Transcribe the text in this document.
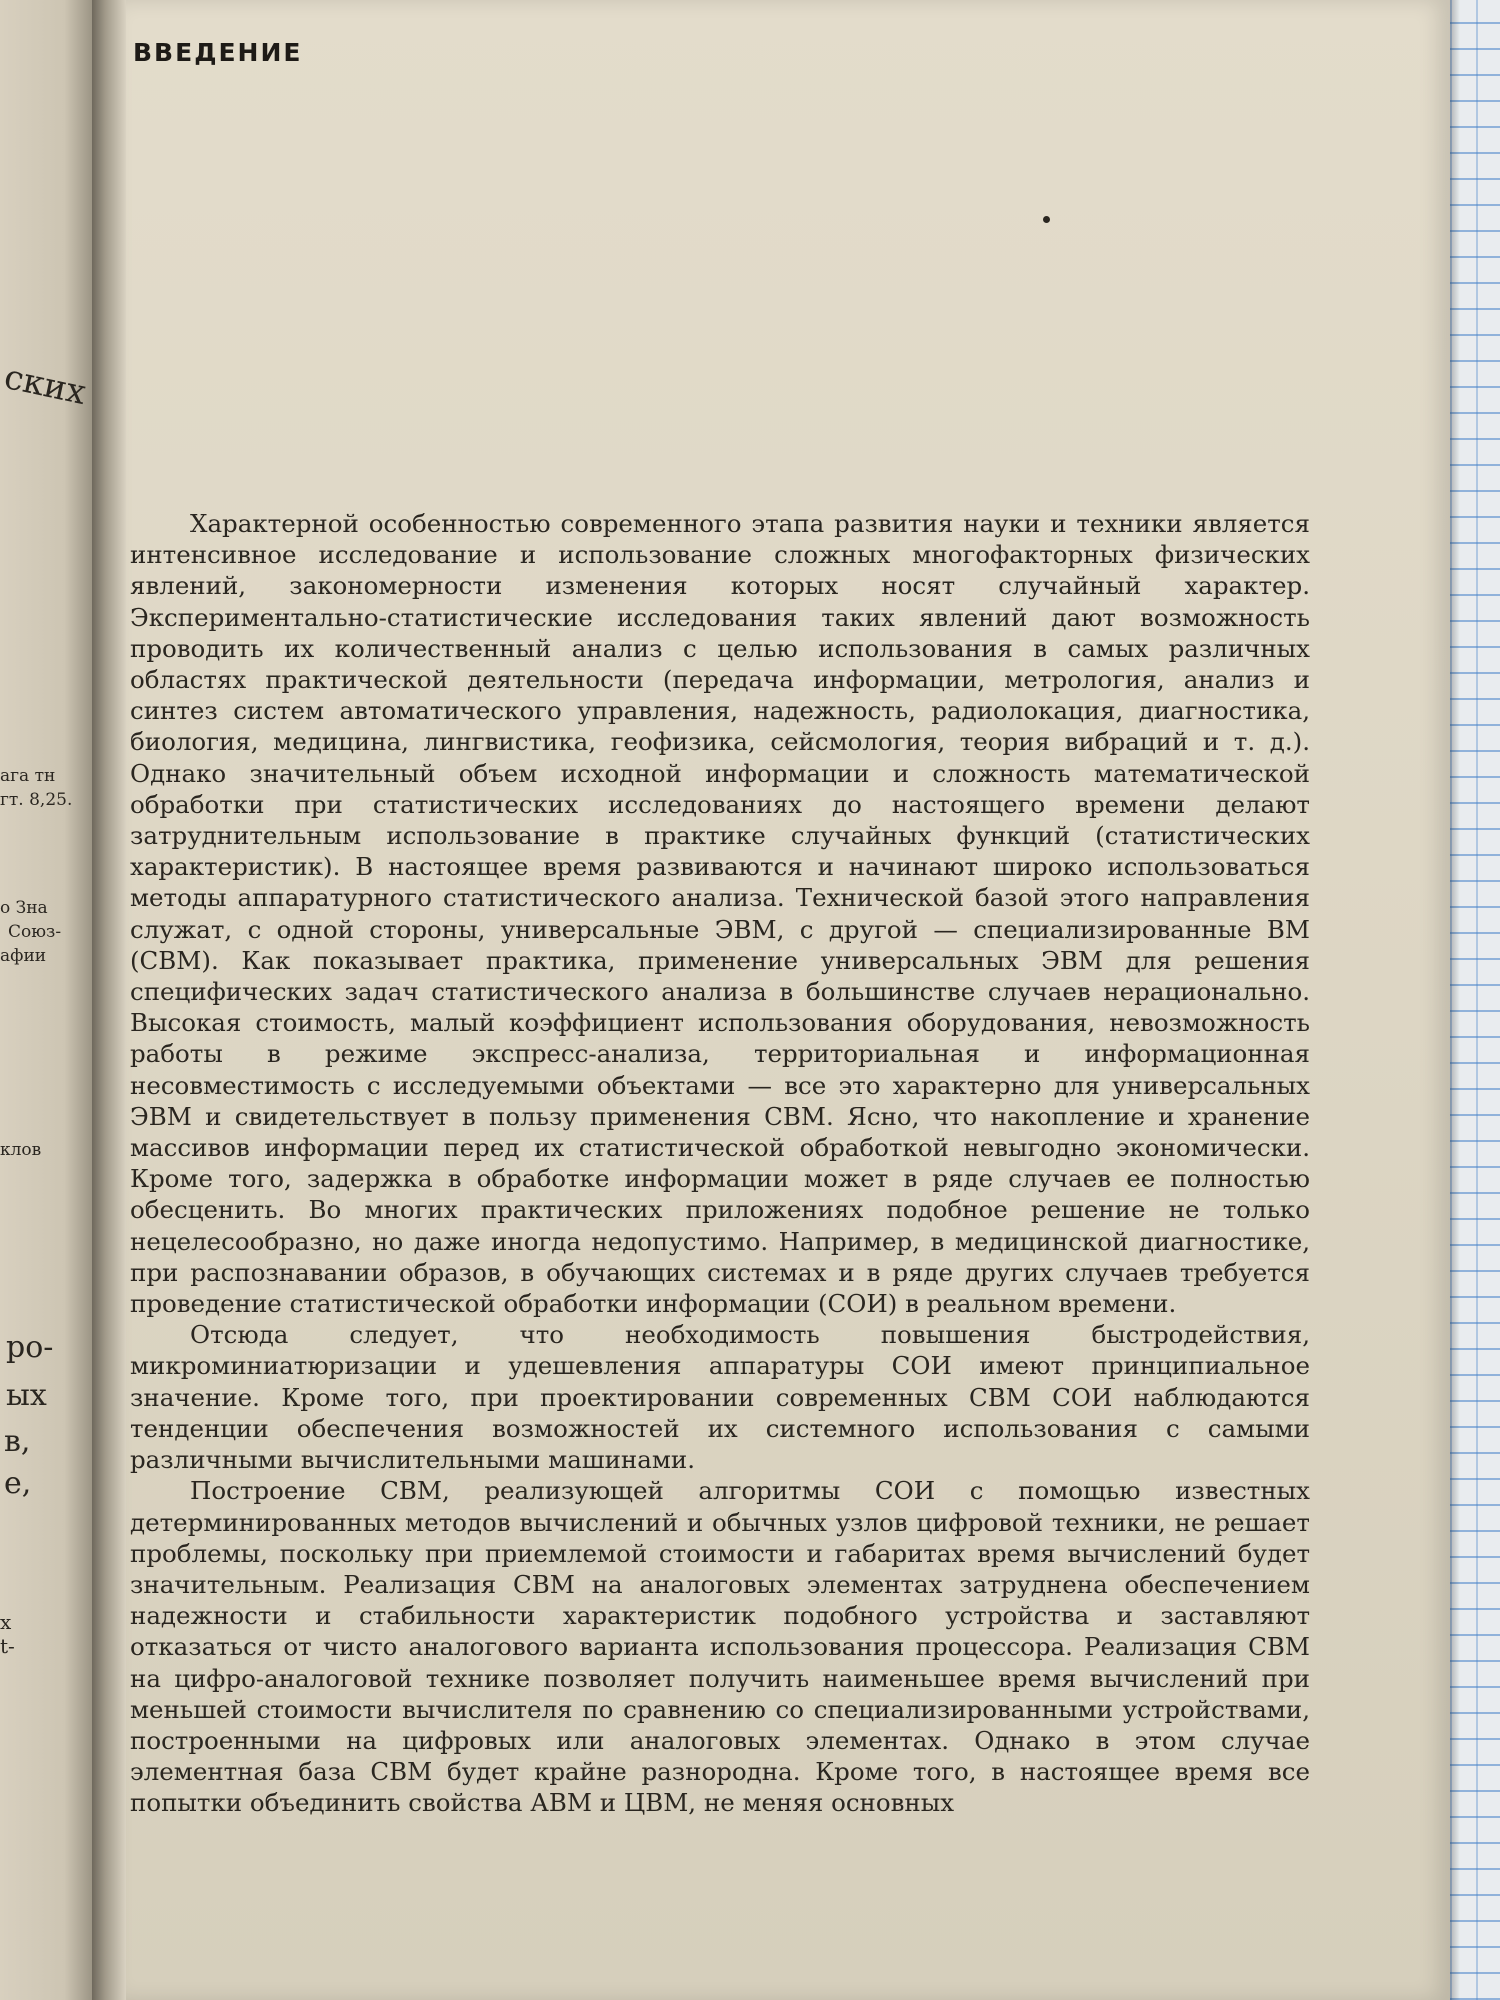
ских
ага тн
гт. 8,25.
о Зна
Союз-
афии
клов
ро-
ых
в,
е,
х
t-
ВВЕДЕНИЕ

Характерной особенностью современного этапа развития науки и техники является интенсивное исследование и использование сложных многофакторных физических явлений, закономерности изменения которых носят случайный характер. Экспериментально-статистические исследования таких явлений дают возможность проводить их количественный анализ с целью использования в самых различных областях практической деятельности (передача информации, метрология, анализ и синтез систем автоматического управления, надежность, радиолокация, диагностика, биология, медицина, лингвистика, геофизика, сейсмология, теория вибраций и т. д.). Однако значительный объем исходной информации и сложность математической обработки при статистических исследованиях до настоящего времени делают затруднительным использование в практике случайных функций (статистических характеристик). В настоящее время развиваются и начинают широко использоваться методы аппаратурного статистического анализа. Технической базой этого направления служат, с одной стороны, универсальные ЭВМ, с другой — специализированные ВМ (СВМ). Как показывает практика, применение универсальных ЭВМ для решения специфических задач статистического анализа в большинстве случаев нерационально. Высокая стоимость, малый коэффициент использования оборудования, невозможность работы в режиме экспресс-анализа, территориальная и информационная несовместимость с исследуемыми объектами — все это характерно для универсальных ЭВМ и свидетельствует в пользу применения СВМ. Ясно, что накопление и хранение массивов информации перед их статистической обработкой невыгодно экономически. Кроме того, задержка в обработке информации может в ряде случаев ее полностью обесценить. Во многих практических приложениях подобное решение не только нецелесообразно, но даже иногда недопустимо. Например, в медицинской диагностике, при распознавании образов, в обучающих системах и в ряде других случаев требуется проведение статистической обработки информации (СОИ) в реальном времени.

Отсюда следует, что необходимость повышения быстродействия, микроминиатюризации и удешевления аппаратуры СОИ имеют принципиальное значение. Кроме того, при проектировании современных СВМ СОИ наблюдаются тенденции обеспечения возможностей их системного использования с самыми различными вычислительными машинами.

Построение СВМ, реализующей алгоритмы СОИ с помощью известных детерминированных методов вычислений и обычных узлов цифровой техники, не решает проблемы, поскольку при приемлемой стоимости и габаритах время вычислений будет значительным. Реализация СВМ на аналоговых элементах затруднена обеспечением надежности и стабильности характеристик подобного устройства и заставляют отказаться от чисто аналогового варианта использования процессора. Реализация СВМ на цифро-аналоговой технике позволяет получить наименьшее время вычислений при меньшей стоимости вычислителя по сравнению со специализированными устройствами, построенными на цифровых или аналоговых элементах. Однако в этом случае элементная база СВМ будет крайне разнородна. Кроме того, в настоящее время все попытки объединить свойства АВМ и ЦВМ, не меняя основных
